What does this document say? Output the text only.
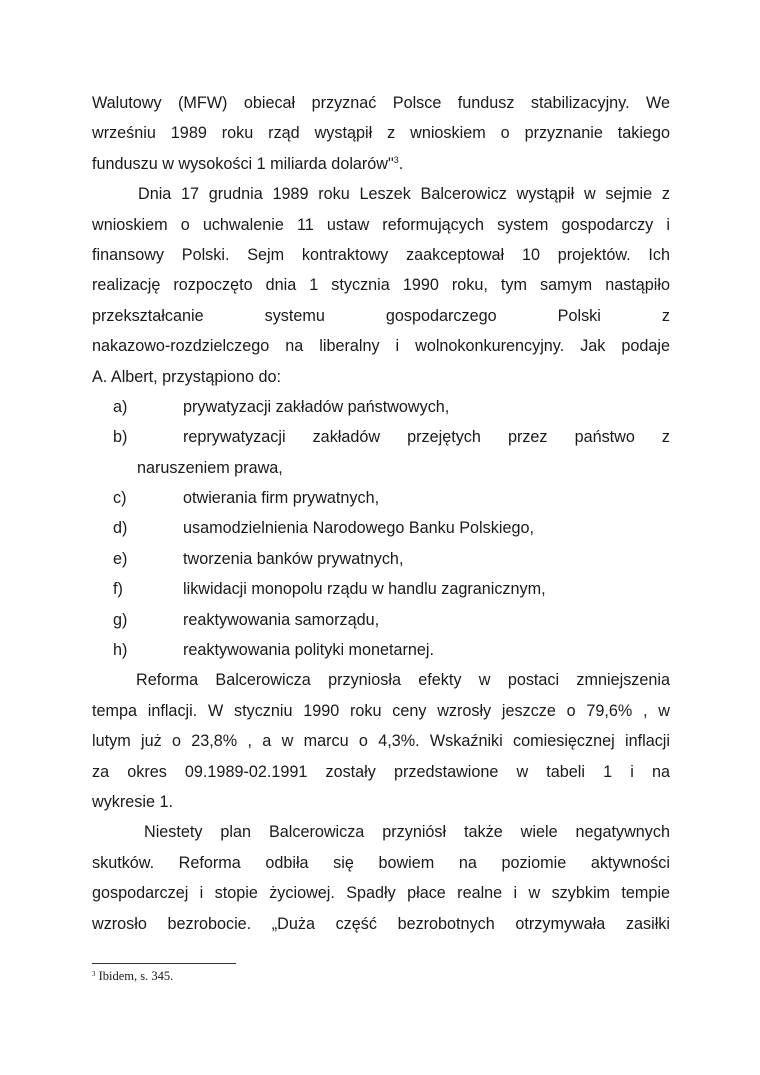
Walutowy (MFW) obiecał przyznać Polsce fundusz stabilizacyjny. We
wrześniu 1989 roku rząd wystąpił z wnioskiem o przyznanie takiego
funduszu w wysokości 1 miliarda dolarów"$^3$.
Dnia 17 grudnia 1989 roku Leszek Balcerowicz wystąpił w sejmie z
wnioskiem o uchwalenie 11 ustaw reformujących system gospodarczy i
finansowy Polski. Sejm kontraktowy zaakceptował 10 projektów. Ich
realizację rozpoczęto dnia 1 stycznia 1990 roku, tym samym nastąpiło
przekształcanie systemu gospodarczego Polski z
nakazowo-rozdzielczego na liberalny i wolnokonkurencyjny. Jak podaje
A. Albert, przystąpiono do:
a)	prywatyzacji zakładów państwowych,
b)	reprywatyzacji zakładów przejętych przez państwo z
naruszeniem prawa,
c)	otwierania firm prywatnych,
d)	usamodzielnienia Narodowego Banku Polskiego,
e)	tworzenia banków prywatnych,
f)	likwidacji monopolu rządu w handlu zagranicznym,
g)	reaktywowania samorządu,
h)	reaktywowania polityki monetarnej.
Reforma Balcerowicza przyniosła efekty w postaci zmniejszenia
tempa inflacji. W styczniu 1990 roku ceny wzrosły jeszcze o 79,6% , w
lutym już o 23,8% , a w marcu o 4,3%. Wskaźniki comiesięcznej inflacji
za okres 09.1989-02.1991 zostały przedstawione w tabeli 1 i na
wykresie 1.
Niestety plan Balcerowicza przyniósł także wiele negatywnych
skutków. Reforma odbiła się bowiem na poziomie aktywności
gospodarczej i stopie życiowej. Spadły płace realne i w szybkim tempie
wzrosło bezrobocie. „Duża część bezrobotnych otrzymywała zasiłki
$^3$ Ibidem, s. 345.
